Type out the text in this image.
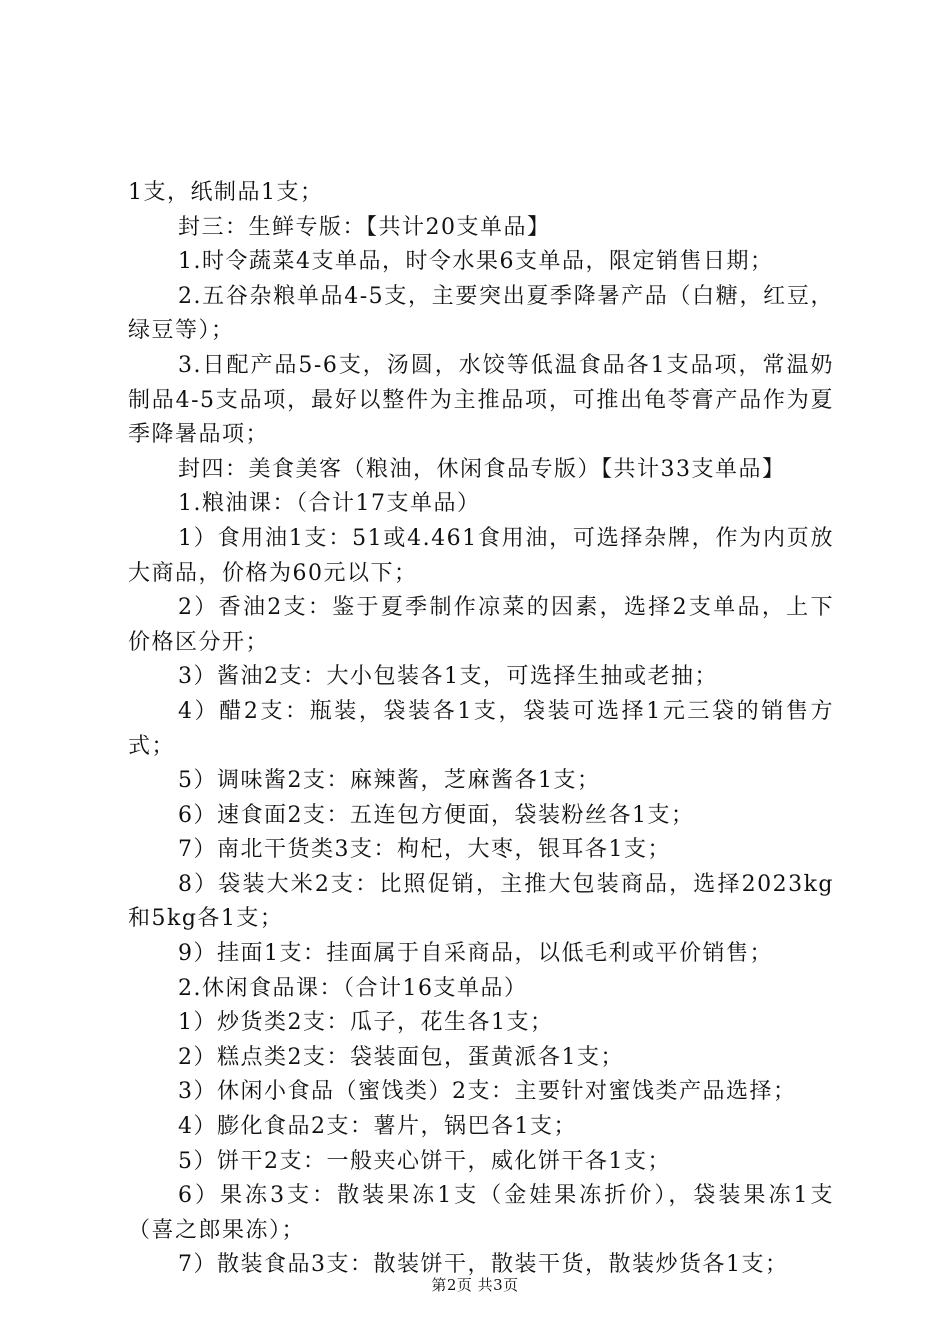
1支，纸制品1支；

封三：生鲜专版：【共计20支单品】

1.时令蔬菜4支单品，时令水果6支单品，限定销售日期；

2.五谷杂粮单品4-5支，主要突出夏季降暑产品（白糖，红豆，绿豆等）；

3.日配产品5-6支，汤圆，水饺等低温食品各1支品项，常温奶制品4-5支品项，最好以整件为主推品项，可推出龟苓膏产品作为夏季降暑品项；

封四：美食美客（粮油，休闲食品专版）【共计33支单品】

1.粮油课：（合计17支单品）

1）食用油1支：51或4.461食用油，可选择杂牌，作为内页放大商品，价格为60元以下；

2）香油2支：鉴于夏季制作凉菜的因素，选择2支单品，上下价格区分开；

3）酱油2支：大小包装各1支，可选择生抽或老抽；

4）醋2支：瓶装，袋装各1支，袋装可选择1元三袋的销售方式；

5）调味酱2支：麻辣酱，芝麻酱各1支；

6）速食面2支：五连包方便面，袋装粉丝各1支；

7）南北干货类3支：枸杞，大枣，银耳各1支；

8）袋装大米2支：比照促销，主推大包装商品，选择2023kg和5kg各1支；

9）挂面1支：挂面属于自采商品，以低毛利或平价销售；

2.休闲食品课：（合计16支单品）

1）炒货类2支：瓜子，花生各1支；

2）糕点类2支：袋装面包，蛋黄派各1支；

3）休闲小食品（蜜饯类）2支：主要针对蜜饯类产品选择；

4）膨化食品2支：薯片，锅巴各1支；

5）饼干2支：一般夹心饼干，威化饼干各1支；

6）果冻3支：散装果冻1支（金娃果冻折价），袋装果冻1支（喜之郎果冻）；

7）散装食品3支：散装饼干，散装干货，散装炒货各1支；

第2页 共3页
